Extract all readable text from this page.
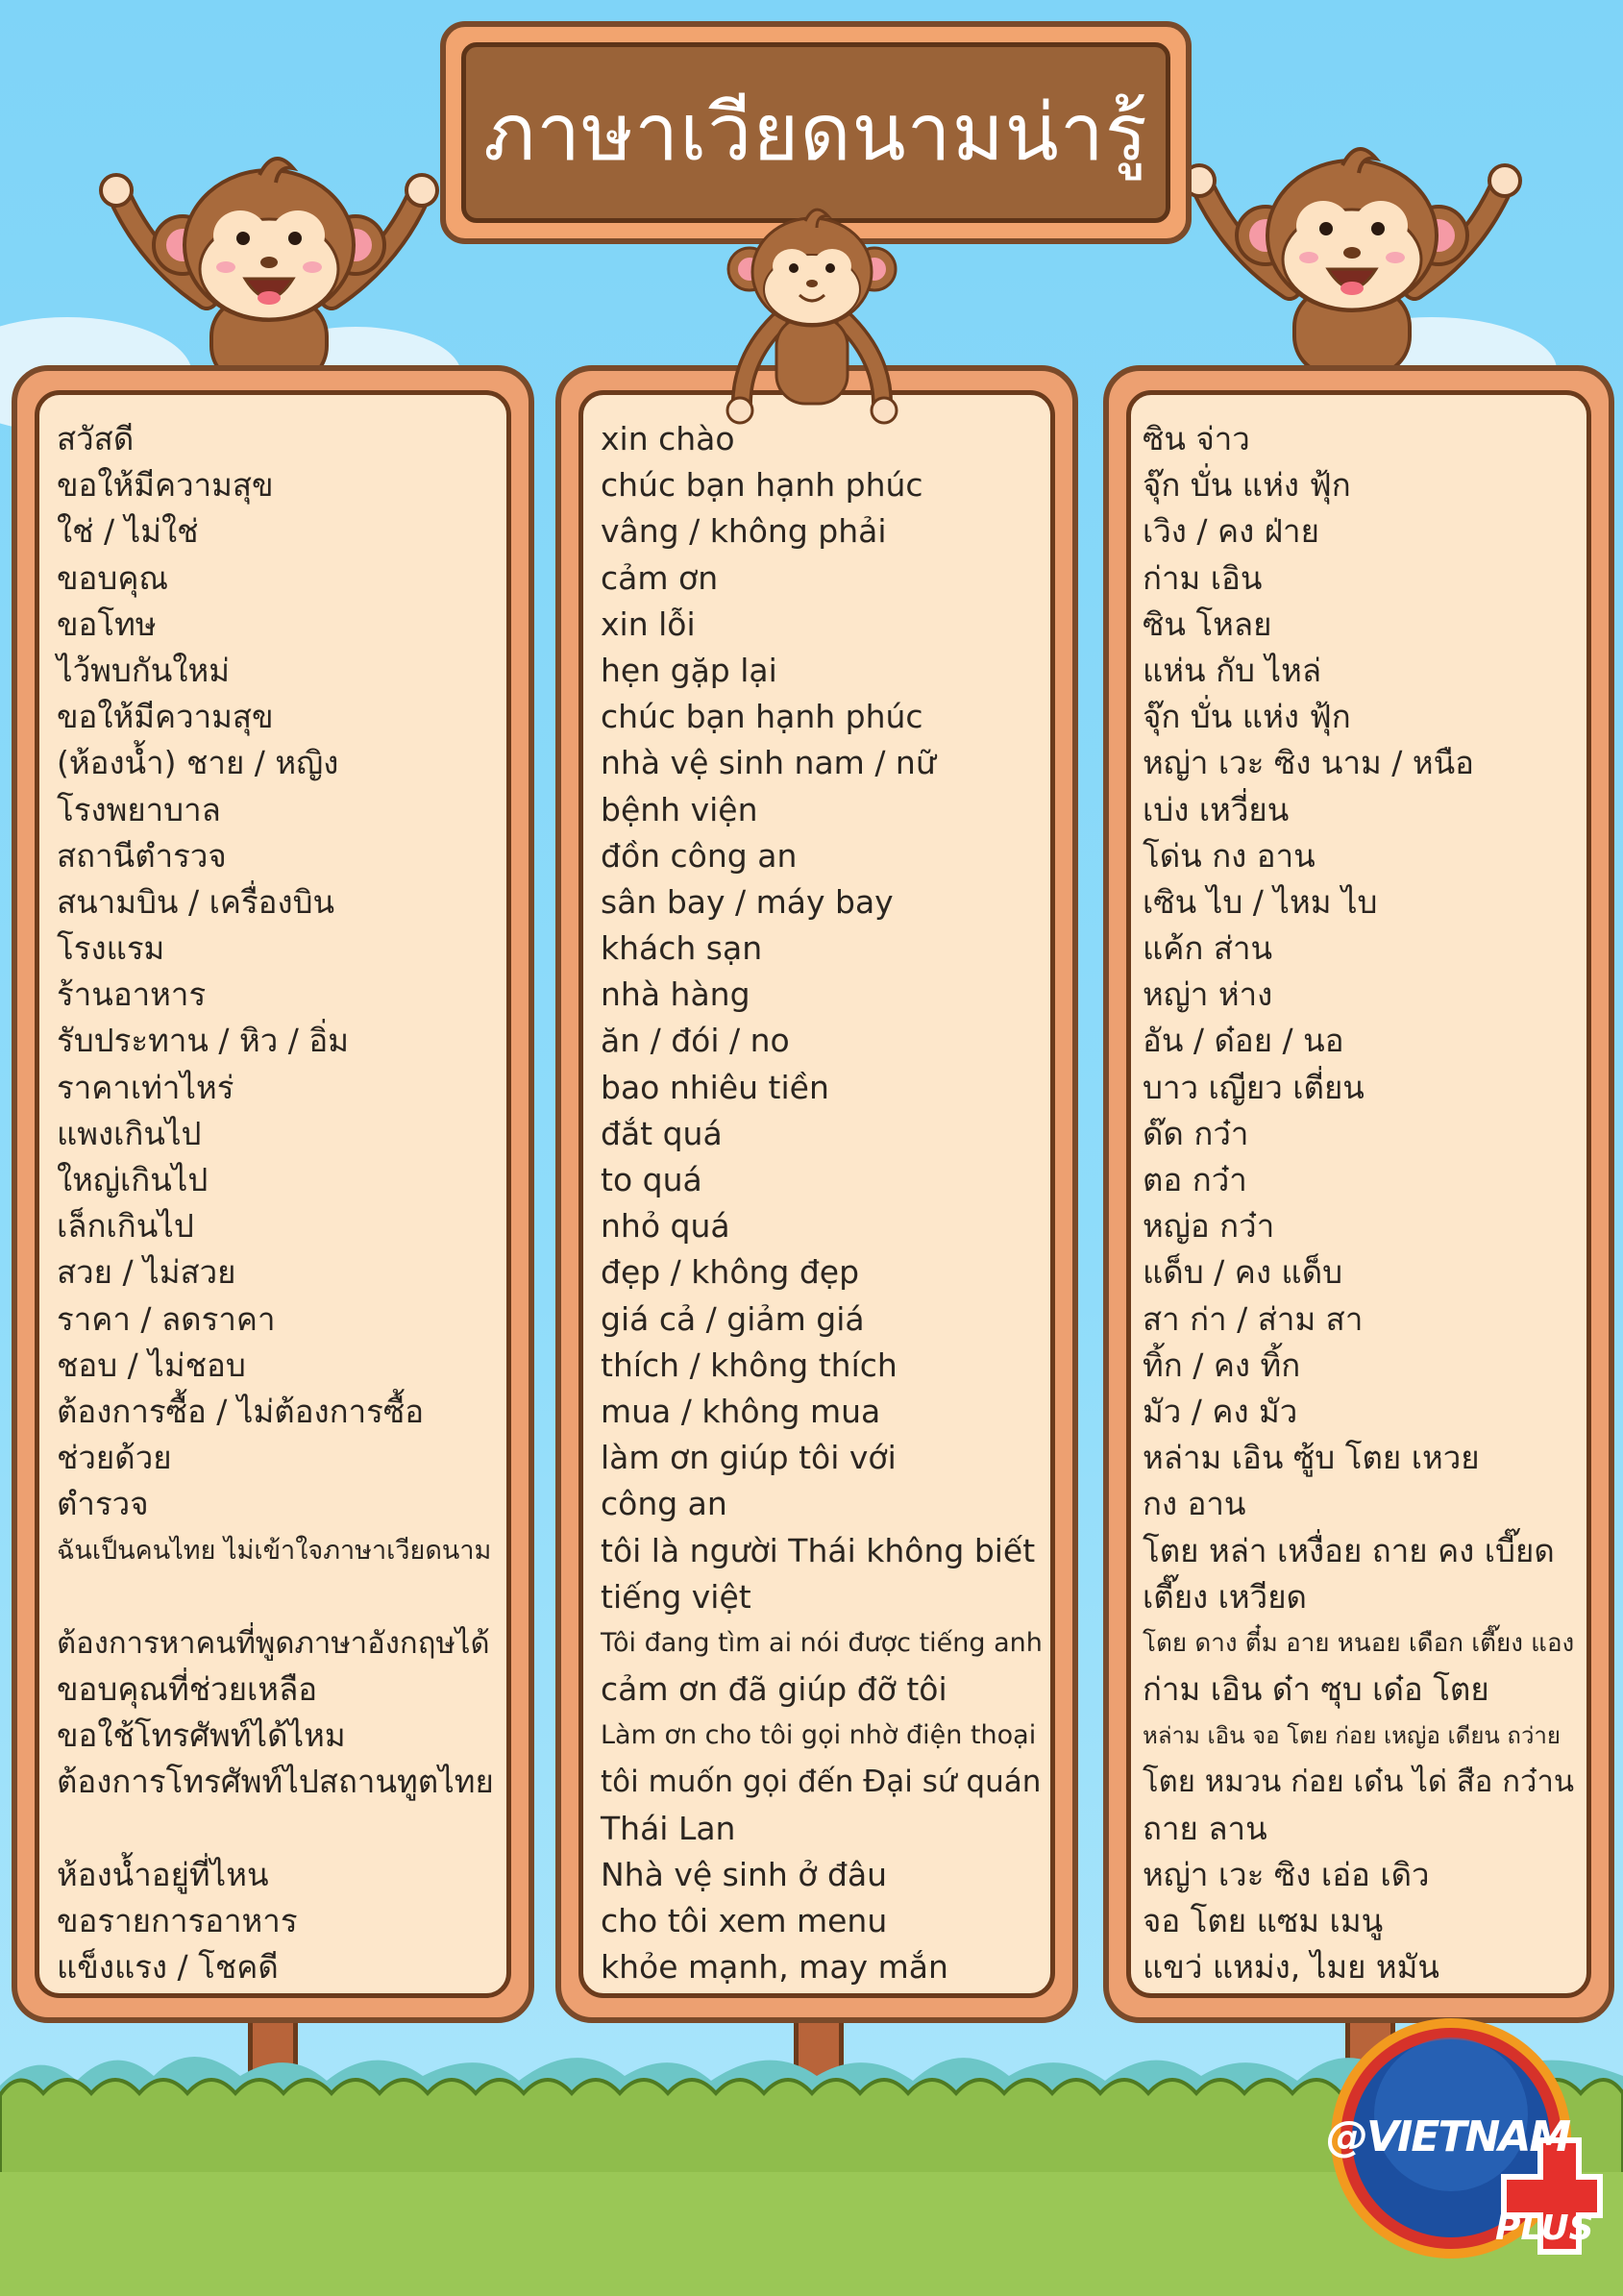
ภาษาเวียดนามน่ารู้
สวัสดี
ขอให้มีความสุข
ใช่ / ไม่ใช่
ขอบคุณ
ขอโทษ
ไว้พบกันใหม่
ขอให้มีความสุข
(ห้องน้ำ) ชาย / หญิง
โรงพยาบาล
สถานีตำรวจ
สนามบิน / เครื่องบิน
โรงแรม
ร้านอาหาร
รับประทาน / หิว / อิ่ม
ราคาเท่าไหร่
แพงเกินไป
ใหญ่เกินไป
เล็กเกินไป
สวย / ไม่สวย
ราคา / ลดราคา
ชอบ / ไม่ชอบ
ต้องการซื้อ / ไม่ต้องการซื้อ
ช่วยด้วย
ตำรวจ
ฉันเป็นคนไทย ไม่เข้าใจภาษาเวียดนาม
ต้องการหาคนที่พูดภาษาอังกฤษได้
ขอบคุณที่ช่วยเหลือ
ขอใช้โทรศัพท์ได้ไหม
ต้องการโทรศัพท์ไปสถานทูตไทย
ห้องน้ำอยู่ที่ไหน
ขอรายการอาหาร
แข็งแรง / โชคดี
xin chào
chúc bạn hạnh phúc
vâng / không phải
cảm ơn
xin lỗi
hẹn gặp lại
chúc bạn hạnh phúc
nhà vệ sinh nam / nữ
bệnh viện
đồn công an
sân bay / máy bay
khách sạn
nhà hàng
ăn / đói / no
bao nhiêu tiền
đắt quá
to quá
nhỏ quá
đẹp / không đẹp
giá cả / giảm giá
thích / không thích
mua / không mua
làm ơn giúp tôi với
công an
tôi là người Thái không biết
tiếng việt
Tôi đang tìm ai nói được tiếng anh
cảm ơn đã giúp đỡ tôi
Làm ơn cho tôi gọi nhờ điện thoại
tôi muốn gọi đến Đại sứ quán
Thái Lan
Nhà vệ sinh ở đâu
cho tôi xem menu
khỏe mạnh, may mắn
ซิน จ่าว
จุ๊ก บั่น แห่ง ฟุ้ก
เวิง / คง ฝ่าย
ก่าม เอิน
ซิน โหลย
แห่น กับ ไหล่
จุ๊ก บั่น แห่ง ฟุ้ก
หญ่า เวะ ซิง นาม / หนือ
เบ่ง เหวี่ยน
โด่น กง อาน
เซิน ไบ / ไหม ไบ
แค้ก ส่าน
หญ่า ห่าง
อัน / ด๋อย / นอ
บาว เญียว เตี่ยน
ด๊ด กว๋า
ตอ กว๋า
หญ่อ กว๋า
แด็บ / คง แด็บ
สา ก่า / ส่าม สา
ทิ้ก / คง ทิ้ก
มัว / คง มัว
หล่าม เอิน ซู้บ โตย เหวย
กง อาน
โตย หล่า เหงื่อย ถาย คง เบี๊ยด
เตี๊ยง เหวียด
โตย ดาง ตี๋ม อาย หนอย เดือก เตี๊ยง แอง
ก่าม เอิน ด๋า ซุบ เด๋อ โตย
หล่าม เอิน จอ โตย ก่อย เหญ่อ เดียน ถว่าย
โตย หมวน ก่อย เด๋น ได่ สือ กว๋าน
ถาย ลาน
หญ่า เวะ ซิง เอ่อ เดิว
จอ โตย แซม เมนู
แขว่ แหม่ง, ไมย หมัน
@VIETNAM
PLUS
